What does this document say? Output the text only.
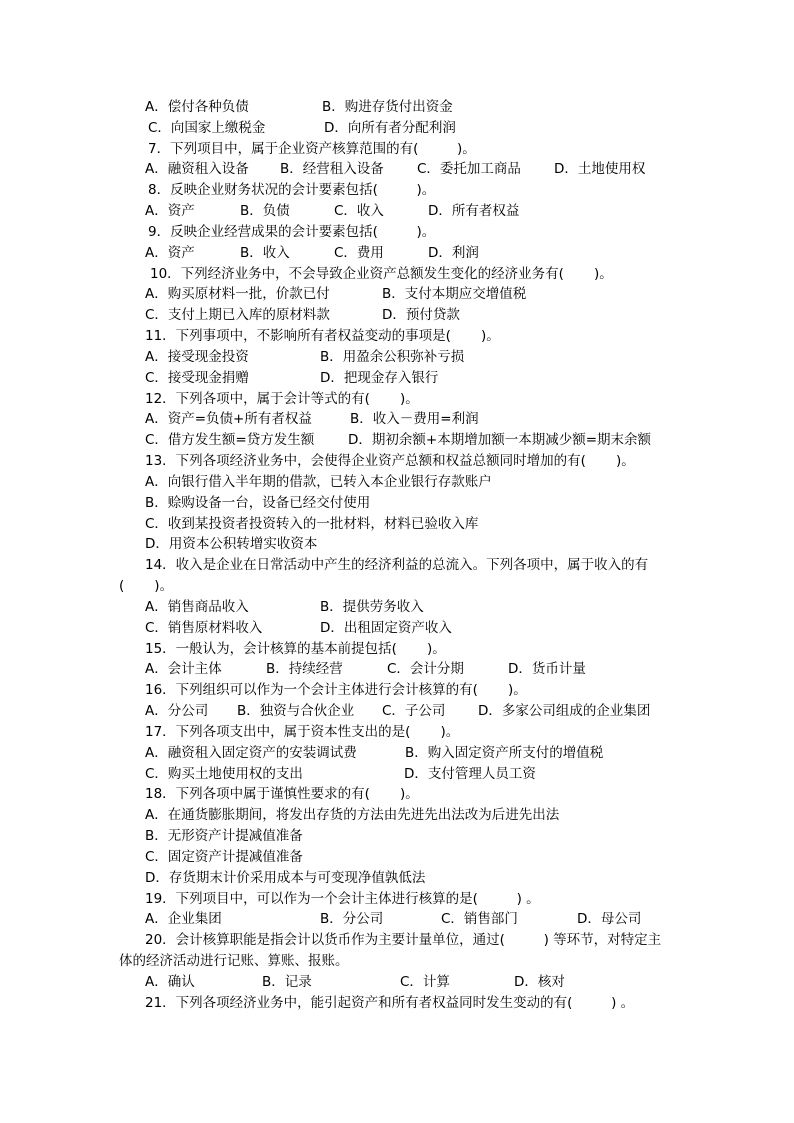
A．偿付各种负债	B．购进存货付出资金
C．向国家上缴税金	D．向所有者分配利润
7．下列项目中，属于企业资产核算范围的有(         )。
A．融资租入设备 B．经营租入设备 C．委托加工商品 D．土地使用权
8．反映企业财务状况的会计要素包括(         )。
A．资产	B．负债	C．收入	D．所有者权益
9．反映企业经营成果的会计要素包括(         )。
A．资产	B．收入	C．费用	D．利润
10．下列经济业务中，不会导致企业资产总额发生变化的经济业务有(       )。
A．购买原材料一批，价款已付	B．支付本期应交增值税
C．支付上期已入库的原材料款	D．预付贷款
11．下列事项中，不影响所有者权益变动的事项是(       )。
A．接受现金投资	B．用盈余公积弥补亏损
C．接受现金捐赠	D．把现金存入银行
12．下列各项中，属于会计等式的有(       )。
A．资产=负债+所有者权益	B．收入－费用=利润
C．借方发生额=贷方发生额	D．期初余额+本期增加额一本期减少额=期末余额
13．下列各项经济业务中，会使得企业资产总额和权益总额同时增加的有(       )。
A．向银行借入半年期的借款，已转入本企业银行存款账户
B．赊购设备一台，设备已经交付使用
C．收到某投资者投资转入的一批材料，材料已验收入库
D．用资本公积转增实收资本
14．收入是企业在日常活动中产生的经济利益的总流入。下列各项中，属于收入的有
(       )。
A．销售商品收入	B．提供劳务收入
C．销售原材料收入	D．出租固定资产收入
15．一般认为，会计核算的基本前提包括(       )。
A．会计主体	B．持续经营	C．会计分期	D．货币计量
16．下列组织可以作为一个会计主体进行会计核算的有(       )。
A．分公司 B．独资与合伙企业 C．子公司 D．多家公司组成的企业集团
17．下列各项支出中，属于资本性支出的是(       )。
A．融资租入固定资产的安装调试费	B．购入固定资产所支付的增值税
C．购买土地使用权的支出	D．支付管理人员工资
18．下列各项中属于谨慎性要求的有(       )。
A．在通货膨胀期间，将发出存货的方法由先进先出法改为后进先出法
B．无形资产计提减值准备
C．固定资产计提减值准备
D．存货期末计价采用成本与可变现净值孰低法
19．下列项目中，可以作为一个会计主体进行核算的是(         ) 。
A．企业集团	B．分公司	C．销售部门	D．母公司
20．会计核算职能是指会计以货币作为主要计量单位，通过(         ) 等环节，对特定主
体的经济活动进行记账、算账、报账。
A．确认	B．记录	C．计算	D．核对
21．下列各项经济业务中，能引起资产和所有者权益同时发生变动的有(         ) 。
